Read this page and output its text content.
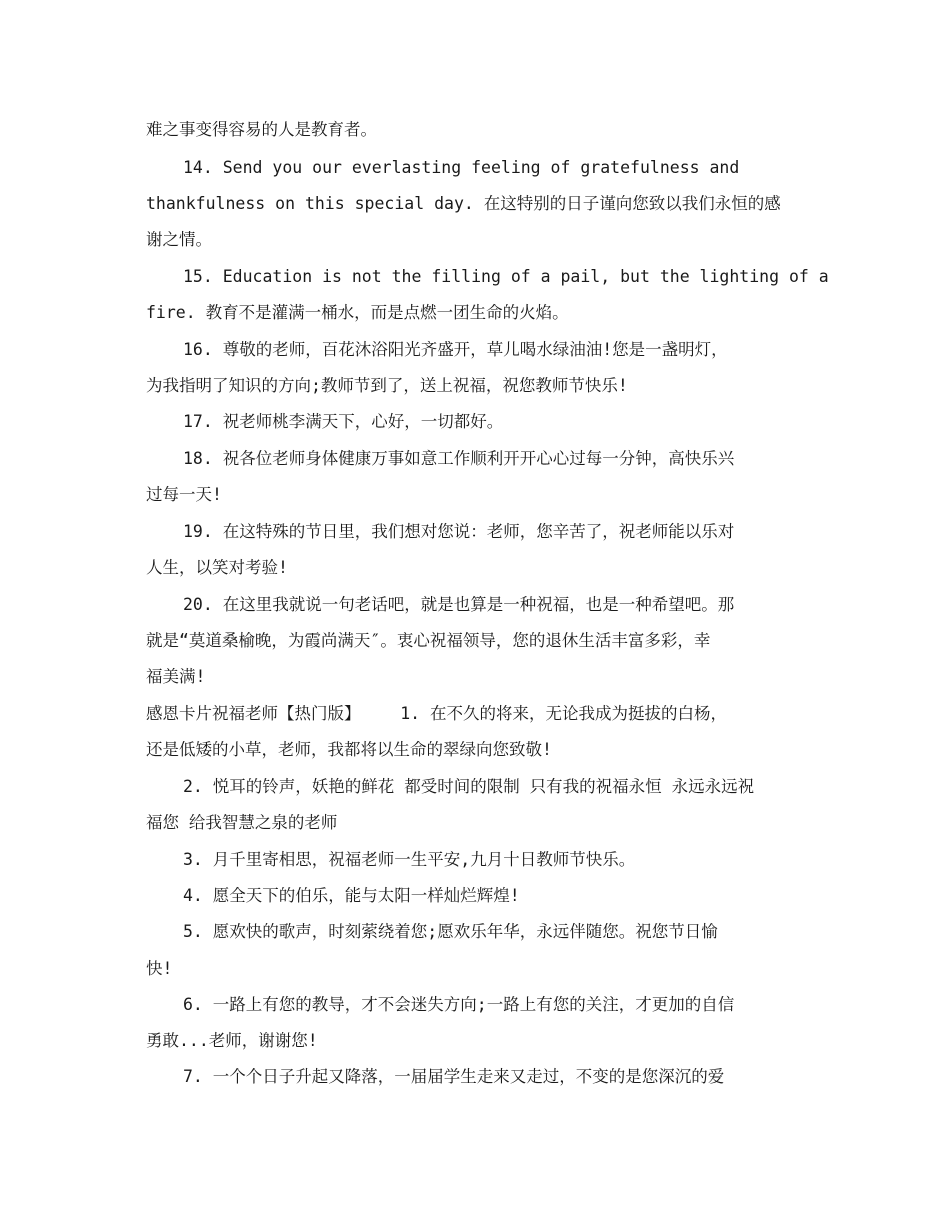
难之事变得容易的人是教育者。
14. Send you our everlasting feeling of gratefulness and
thankfulness on this special day. 在这特别的日子谨向您致以我们永恒的感
谢之情。
15. Education is not the filling of a pail, but the lighting of a
fire. 教育不是灌满一桶水，而是点燃一团生命的火焰。
16. 尊敬的老师，百花沐浴阳光齐盛开，草儿喝水绿油油!您是一盏明灯，
为我指明了知识的方向;教师节到了，送上祝福，祝您教师节快乐!
17. 祝老师桃李满天下，心好，一切都好。
18. 祝各位老师身体健康万事如意工作顺利开开心心过每一分钟，高快乐兴
过每一天!
19. 在这特殊的节日里，我们想对您说：老师，您辛苦了，祝老师能以乐对
人生，以笑对考验!
20. 在这里我就说一句老话吧，就是也算是一种祝福，也是一种希望吧。那
就是“莫道桑榆晚，为霞尚满天″。衷心祝福领导，您的退休生活丰富多彩，幸
福美满!
感恩卡片祝福老师【热门版】    1. 在不久的将来，无论我成为挺拔的白杨，
还是低矮的小草，老师，我都将以生命的翠绿向您致敬!
2. 悦耳的铃声，妖艳的鲜花 都受时间的限制 只有我的祝福永恒 永远永远祝
福您 给我智慧之泉的老师
3. 月千里寄相思，祝福老师一生平安,九月十日教师节快乐。
4. 愿全天下的伯乐，能与太阳一样灿烂辉煌!
5. 愿欢快的歌声，时刻萦绕着您;愿欢乐年华，永远伴随您。祝您节日愉
快!
6. 一路上有您的教导，才不会迷失方向;一路上有您的关注，才更加的自信
勇敢...老师，谢谢您!
7. 一个个日子升起又降落，一届届学生走来又走过，不变的是您深沉的爱
